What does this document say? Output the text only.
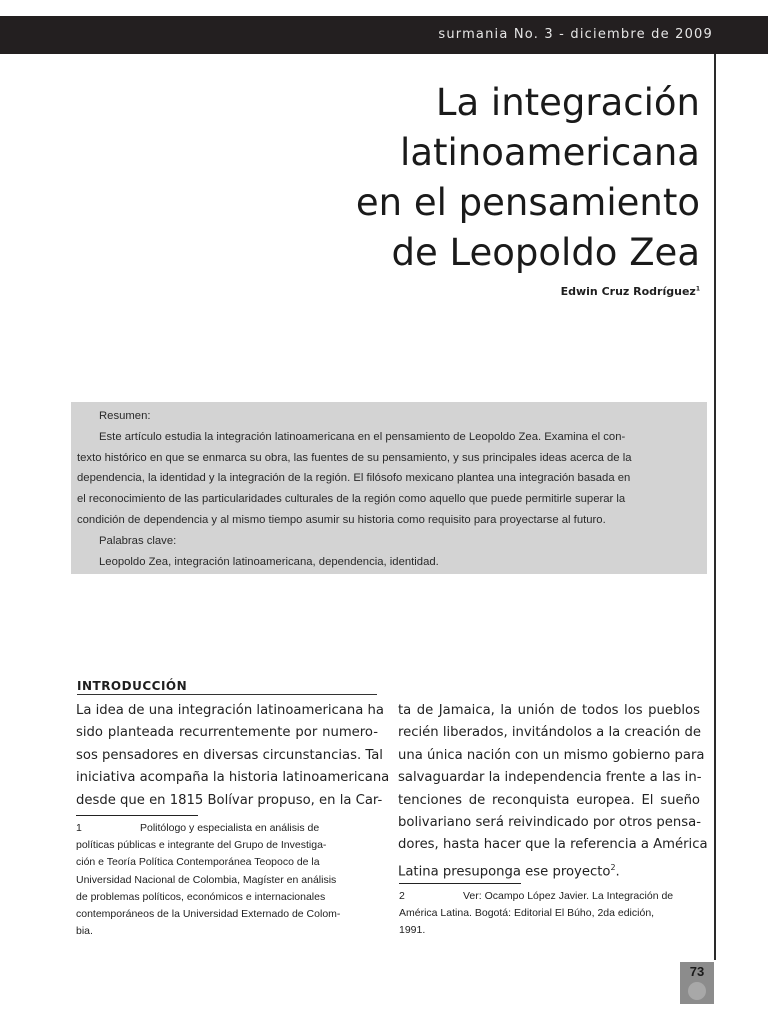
surmania No. 3 - diciembre de 2009
La integración
latinoamericana
en el pensamiento
de Leopoldo Zea
Edwin Cruz Rodríguez$^1$
Resumen:
Este artículo estudia la integración latinoamericana en el pensamiento de Leopoldo Zea. Examina el con-
texto histórico en que se enmarca su obra, las fuentes de su pensamiento, y sus principales ideas acerca de la
dependencia, la identidad y la integración de la región. El filósofo mexicano plantea una integración basada en
el reconocimiento de las particularidades culturales de la región como aquello que puede permitirle superar la
condición de dependencia y al mismo tiempo asumir su historia como requisito para proyectarse al futuro.
Palabras clave:
Leopoldo Zea, integración latinoamericana, dependencia, identidad.
INTRODUCCIÓN
La idea de una integración latinoamericana ha
sido planteada recurrentemente por numero-
sos pensadores en diversas circunstancias. Tal
iniciativa acompaña la historia latinoamericana
desde que en 1815 Bolívar propuso, en la Car-
ta de Jamaica, la unión de todos los pueblos
recién liberados, invitándolos a la creación de
una única nación con un mismo gobierno para
salvaguardar la independencia frente a las in-
tenciones de reconquista europea. El sueño
bolivariano será reivindicado por otros pensa-
dores, hasta hacer que la referencia a América
Latina presuponga ese proyecto$^2$.
1	Politólogo y especialista en análisis de
políticas públicas e integrante del Grupo de Investiga-
ción e Teoría Política Contemporánea Teopoco de la
Universidad Nacional de Colombia, Magíster en análisis
de problemas políticos, económicos e internacionales
contemporáneos de la Universidad Externado de Colom-
bia.
2	Ver: Ocampo López Javier. La Integración de
América Latina. Bogotá: Editorial El Búho, 2da edición,
1991.
73
